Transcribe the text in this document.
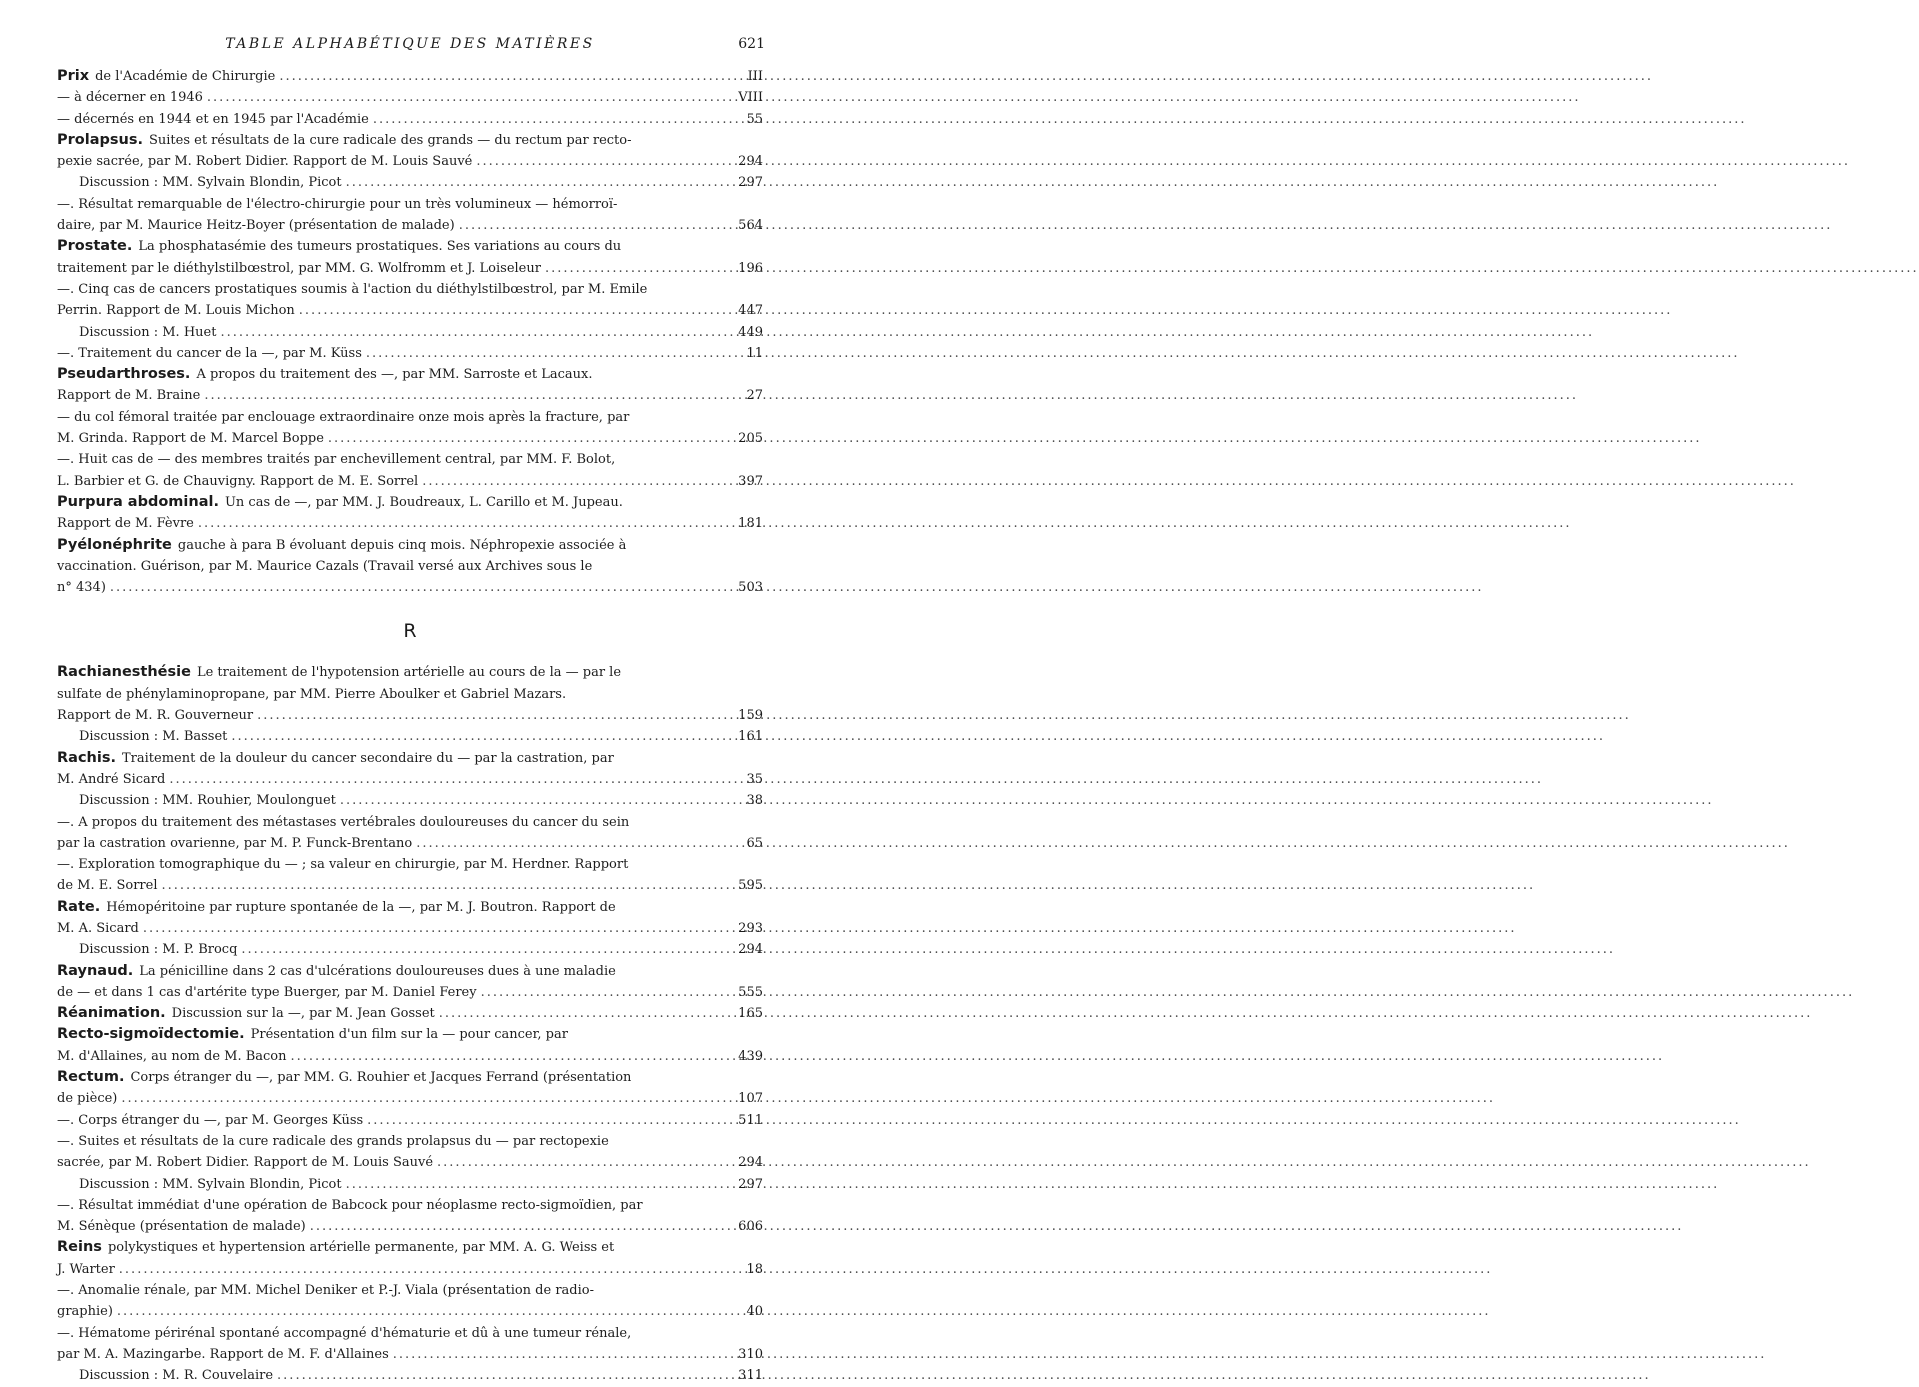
TABLE ALPHABÉTIQUE DES MATIÈRES	621
Prix de l'Académie de Chirurgie .....	III
— à décerner en 1946 .....	VIII
— décernés en 1944 et en 1945 par l'Académie .....	55
Prolapsus. Suites et résultats de la cure radicale des grands — du rectum par recto-
pexie sacrée, par M. Robert Didier. Rapport de M. Louis Sauvé .....	294
Discussion : MM. Sylvain Blondin, Picot .....	297
—. Résultat remarquable de l'électro-chirurgie pour un très volumineux — hémorroï-
daire, par M. Maurice Heitz-Boyer (présentation de malade) .....	564
Prostate. La phosphatasémie des tumeurs prostatiques. Ses variations au cours du
traitement par le diéthylstilbœstrol, par MM. G. Wolfromm et J. Loiseleur .....	196
—. Cinq cas de cancers prostatiques soumis à l'action du diéthylstilbœstrol, par M. Emile
Perrin. Rapport de M. Louis Michon .....	447
Discussion : M. Huet .....	449
—. Traitement du cancer de la —, par M. Küss .....	11
Pseudarthroses. A propos du traitement des —, par MM. Sarroste et Lacaux.
Rapport de M. Braine .....	27
— du col fémoral traitée par enclouage extraordinaire onze mois après la fracture, par
M. Grinda. Rapport de M. Marcel Boppe .....	205
—. Huit cas de — des membres traités par enchevillement central, par MM. F. Bolot,
L. Barbier et G. de Chauvigny. Rapport de M. E. Sorrel .....	397
Purpura abdominal. Un cas de —, par MM. J. Boudreaux, L. Carillo et M. Jupeau.
Rapport de M. Fèvre .....	181
Pyélonéphrite gauche à para B évoluant depuis cinq mois. Néphropexie associée à
vaccination. Guérison, par M. Maurice Cazals (Travail versé aux Archives sous le
n° 434) .....	503
R
Rachianesthésie Le traitement de l'hypotension artérielle au cours de la — par le
sulfate de phénylaminopropane, par MM. Pierre Aboulker et Gabriel Mazars.
Rapport de M. R. Gouverneur .....	159
Discussion : M. Basset .....	161
Rachis. Traitement de la douleur du cancer secondaire du — par la castration, par
M. André Sicard .....	35
Discussion : MM. Rouhier, Moulonguet .....	38
—. A propos du traitement des métastases vertébrales douloureuses du cancer du sein
par la castration ovarienne, par M. P. Funck-Brentano .....	65
—. Exploration tomographique du — ; sa valeur en chirurgie, par M. Herdner. Rapport
de M. E. Sorrel .....	595
Rate. Hémopéritoine par rupture spontanée de la —, par M. J. Boutron. Rapport de
M. A. Sicard .....	293
Discussion : M. P. Brocq .....	294
Raynaud. La pénicilline dans 2 cas d'ulcérations douloureuses dues à une maladie
de — et dans 1 cas d'artérite type Buerger, par M. Daniel Ferey .....	555
Réanimation. Discussion sur la —, par M. Jean Gosset .....	165
Recto-sigmoïdectomie. Présentation d'un film sur la — pour cancer, par
M. d'Allaines, au nom de M. Bacon .....	439
Rectum. Corps étranger du —, par MM. G. Rouhier et Jacques Ferrand (présentation
de pièce) .....	107
—. Corps étranger du —, par M. Georges Küss .....	511
—. Suites et résultats de la cure radicale des grands prolapsus du — par rectopexie
sacrée, par M. Robert Didier. Rapport de M. Louis Sauvé .....	294
Discussion : MM. Sylvain Blondin, Picot .....	297
—. Résultat immédiat d'une opération de Babcock pour néoplasme recto-sigmoïdien, par
M. Sénèque (présentation de malade) .....	606
Reins polykystiques et hypertension artérielle permanente, par MM. A. G. Weiss et
J. Warter .....	18
—. Anomalie rénale, par MM. Michel Deniker et P.-J. Viala (présentation de radio-
graphie) .....	40
—. Hématome périrénal spontané accompagné d'hématurie et dû à une tumeur rénale,
par M. A. Mazingarbe. Rapport de M. F. d'Allaines .....	310
Discussion : M. R. Couvelaire .....	311
